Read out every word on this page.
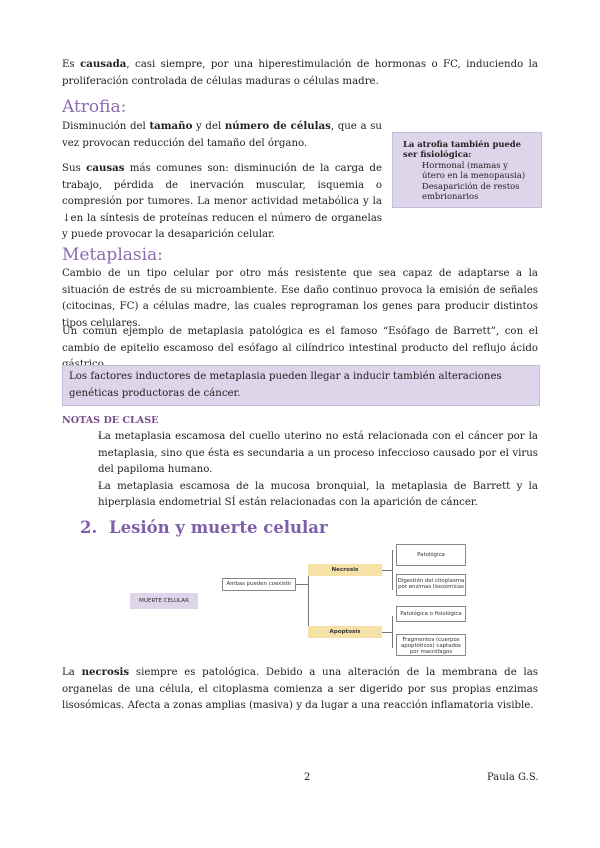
Es causada, casi siempre, por una hiperestimulación de hormonas o FC, induciendo la proliferación controlada de células maduras o células madre.
Atrofia:
Disminución del tamaño y del número de células, que a su vez provocan reducción del tamaño del órgano.
Sus causas más comunes son: disminución de la carga de trabajo, pérdida de inervación muscular, isquemia o compresión por tumores. La menor actividad metabólica y la ↓en la síntesis de proteínas reducen el número de organelas y puede provocar la desaparición celular.
La atrofia también puede ser fisiológica:
- Hormonal (mamas y útero en la menopausia)
- Desaparición de restos embrionarios
Metaplasia:
Cambio de un tipo celular por otro más resistente que sea capaz de adaptarse a la situación de estrés de su microambiente. Ese daño continuo provoca la emisión de señales (citocinas, FC) a células madre, las cuales reprograman los genes para producir distintos tipos celulares.
Un común ejemplo de metaplasia patológica es el famoso “Esófago de Barrett”, con el cambio de epitelio escamoso del esófago al cilíndrico intestinal producto del reflujo ácido
Los factores inductores de metaplasia pueden llegar a inducir también alteraciones genéticas productoras de cáncer.
NOTAS DE CLASE
- La metaplasia escamosa del cuello uterino no está relacionada con el cáncer por la metaplasia, sino que ésta es secundaria a un proceso infeccioso causado por el virus del papiloma humano.
- La metaplasia escamosa de la mucosa bronquial, la metaplasia de Barrett y la hiperplasia endometrial SÍ están relacionadas con la aparición de cáncer.
2. Lesión y muerte celular
MUERTE CELULAR
Ambas pueden coexistir
Necrosis
Apoptosis
Patológica
Digestión del citoplasma por enzimas lisosómicas
Patológica o fisiológica
Fragmentos (cuerpos apoptóticos) captados por macrófagos
La necrosis siempre es patológica. Debido a una alteración de la membrana de las organelas de una célula, el citoplasma comienza a ser digerido por sus propias enzimas lisosómicas. Afecta a zonas amplias (masiva) y da lugar a una reacción inflamatoria visible.
2	Paula G.S.
